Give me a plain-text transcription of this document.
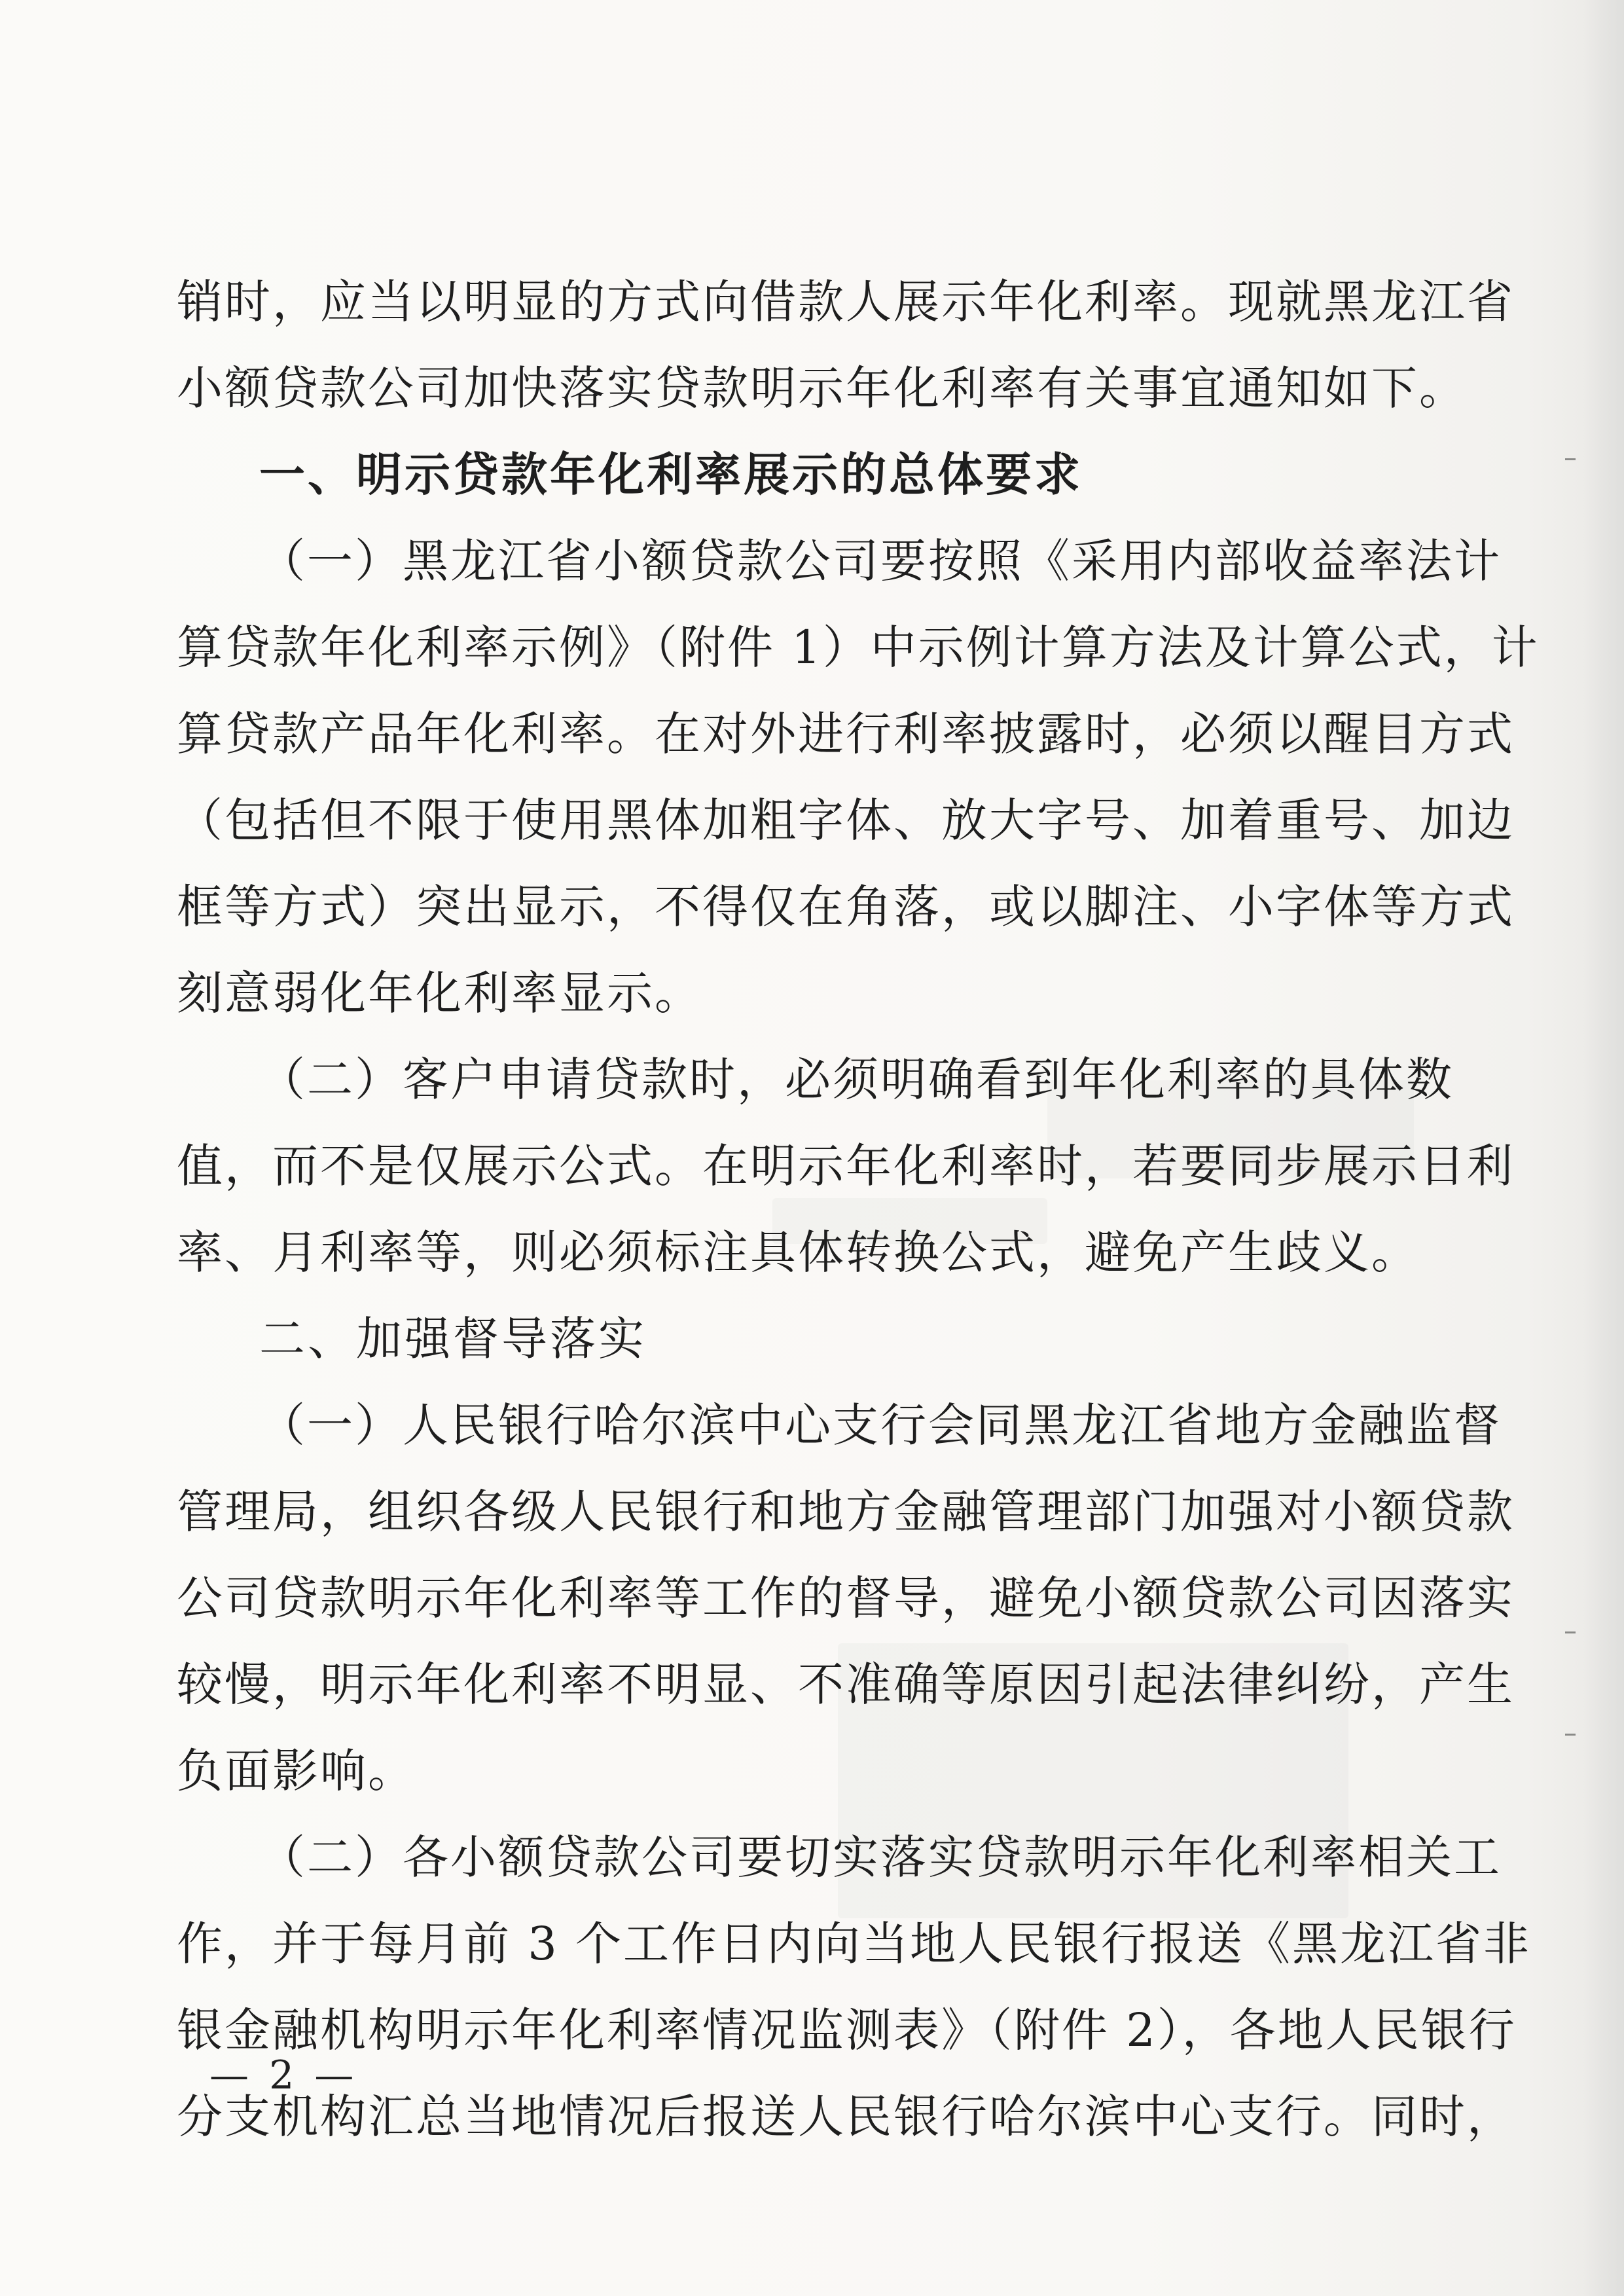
销时，应当以明显的方式向借款人展示年化利率。现就黑龙江省
小额贷款公司加快落实贷款明示年化利率有关事宜通知如下。
一、明示贷款年化利率展示的总体要求
（一）黑龙江省小额贷款公司要按照《采用内部收益率法计
算贷款年化利率示例》（附件 1）中示例计算方法及计算公式，计
算贷款产品年化利率。在对外进行利率披露时，必须以醒目方式
（包括但不限于使用黑体加粗字体、放大字号、加着重号、加边
框等方式）突出显示，不得仅在角落，或以脚注、小字体等方式
刻意弱化年化利率显示。
（二）客户申请贷款时，必须明确看到年化利率的具体数
值，而不是仅展示公式。在明示年化利率时，若要同步展示日利
率、月利率等，则必须标注具体转换公式，避免产生歧义。
二、加强督导落实
（一）人民银行哈尔滨中心支行会同黑龙江省地方金融监督
管理局，组织各级人民银行和地方金融管理部门加强对小额贷款
公司贷款明示年化利率等工作的督导，避免小额贷款公司因落实
较慢，明示年化利率不明显、不准确等原因引起法律纠纷，产生
负面影响。
（二）各小额贷款公司要切实落实贷款明示年化利率相关工
作，并于每月前 3 个工作日内向当地人民银行报送《黑龙江省非
银金融机构明示年化利率情况监测表》（附件 2），各地人民银行
分支机构汇总当地情况后报送人民银行哈尔滨中心支行。同时，
— 2 —
